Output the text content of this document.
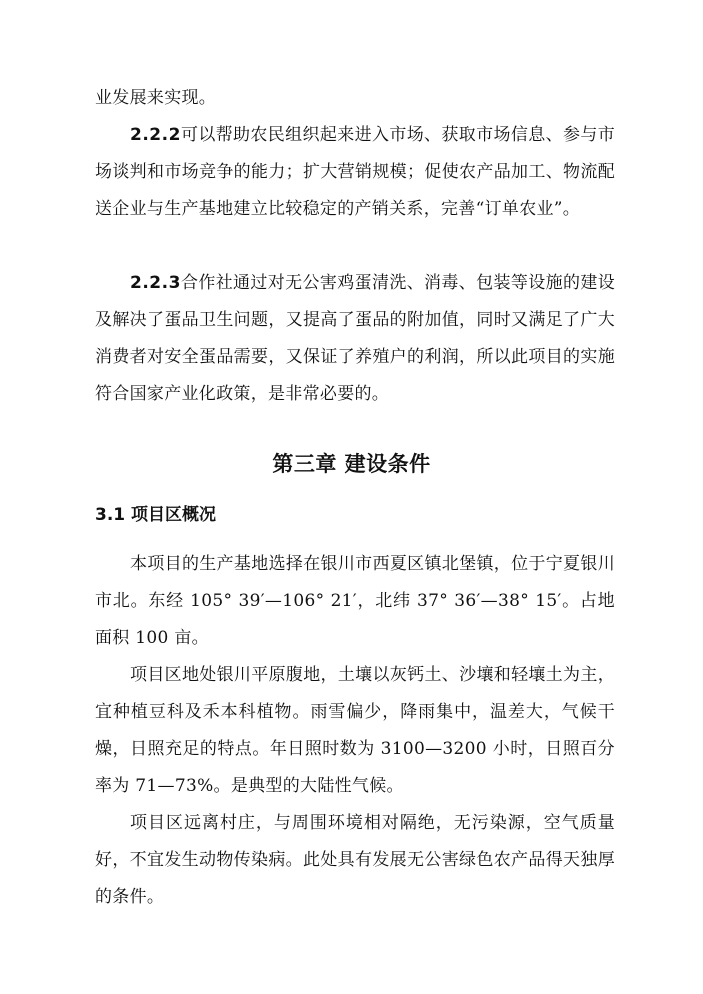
业发展来实现。

2.2.2可以帮助农民组织起来进入市场、获取市场信息、参与市场谈判和市场竞争的能力；扩大营销规模；促使农产品加工、物流配送企业与生产基地建立比较稳定的产销关系，完善“订单农业”。

2.2.3合作社通过对无公害鸡蛋清洗、消毒、包装等设施的建设及解决了蛋品卫生问题，又提高了蛋品的附加值，同时又满足了广大消费者对安全蛋品需要，又保证了养殖户的利润，所以此项目的实施符合国家产业化政策，是非常必要的。

第三章 建设条件
3.1 项目区概况

本项目的生产基地选择在银川市西夏区镇北堡镇，位于宁夏银川市北。东经 105° 39′—106° 21′，北纬 37° 36′—38° 15′。占地面积 100 亩。

项目区地处银川平原腹地，土壤以灰钙土、沙壤和轻壤土为主，宜种植豆科及禾本科植物。雨雪偏少，降雨集中，温差大，气候干燥，日照充足的特点。年日照时数为 3100—3200 小时，日照百分率为 71—73%。是典型的大陆性气候。

项目区远离村庄，与周围环境相对隔绝，无污染源，空气质量好，不宜发生动物传染病。此处具有发展无公害绿色农产品得天独厚的条件。
